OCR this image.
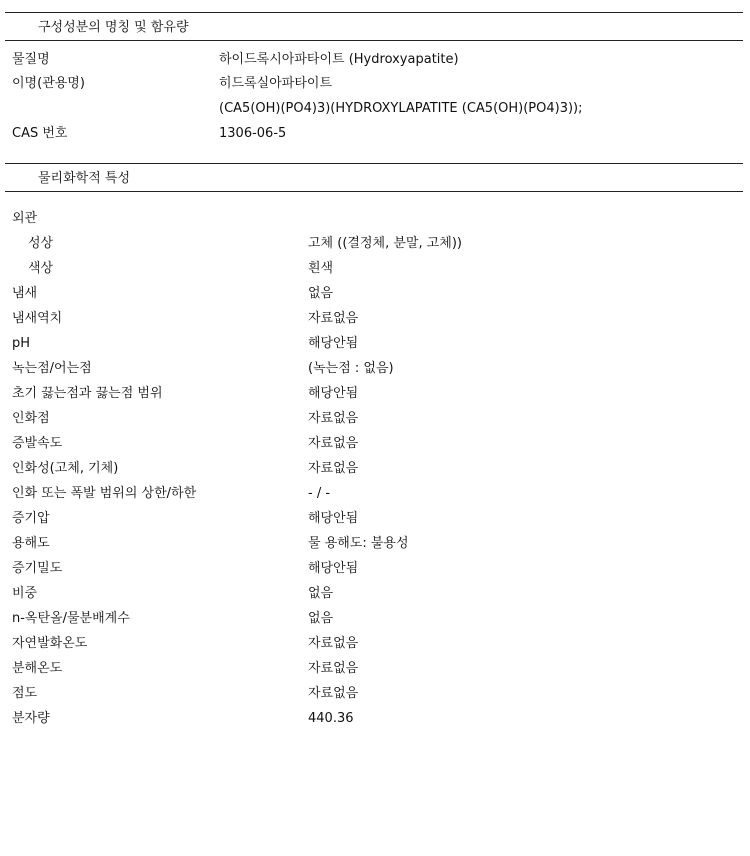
구성성분의 명칭 및 함유량
물질명	하이드록시아파타이트 (Hydroxyapatite)
이명(관용명)	히드록실아파타이트
(CA5(OH)(PO4)3)(HYDROXYLAPATITE (CA5(OH)(PO4)3));
CAS 번호	1306-06-5
물리화학적 특성
외관
성상	고체 ((결정체, 분말, 고체))
색상	흰색
냄새	없음
냄새역치	자료없음
pH	해당안됨
녹는점/어는점	(녹는점 : 없음)
초기 끓는점과 끓는점 범위	해당안됨
인화점	자료없음
증발속도	자료없음
인화성(고체, 기체)	자료없음
인화 또는 폭발 범위의 상한/하한	- / -
증기압	해당안됨
용해도	물 용해도: 불용성
증기밀도	해당안됨
비중	없음
n-옥탄올/물분배계수	없음
자연발화온도	자료없음
분해온도	자료없음
점도	자료없음
분자량	440.36
